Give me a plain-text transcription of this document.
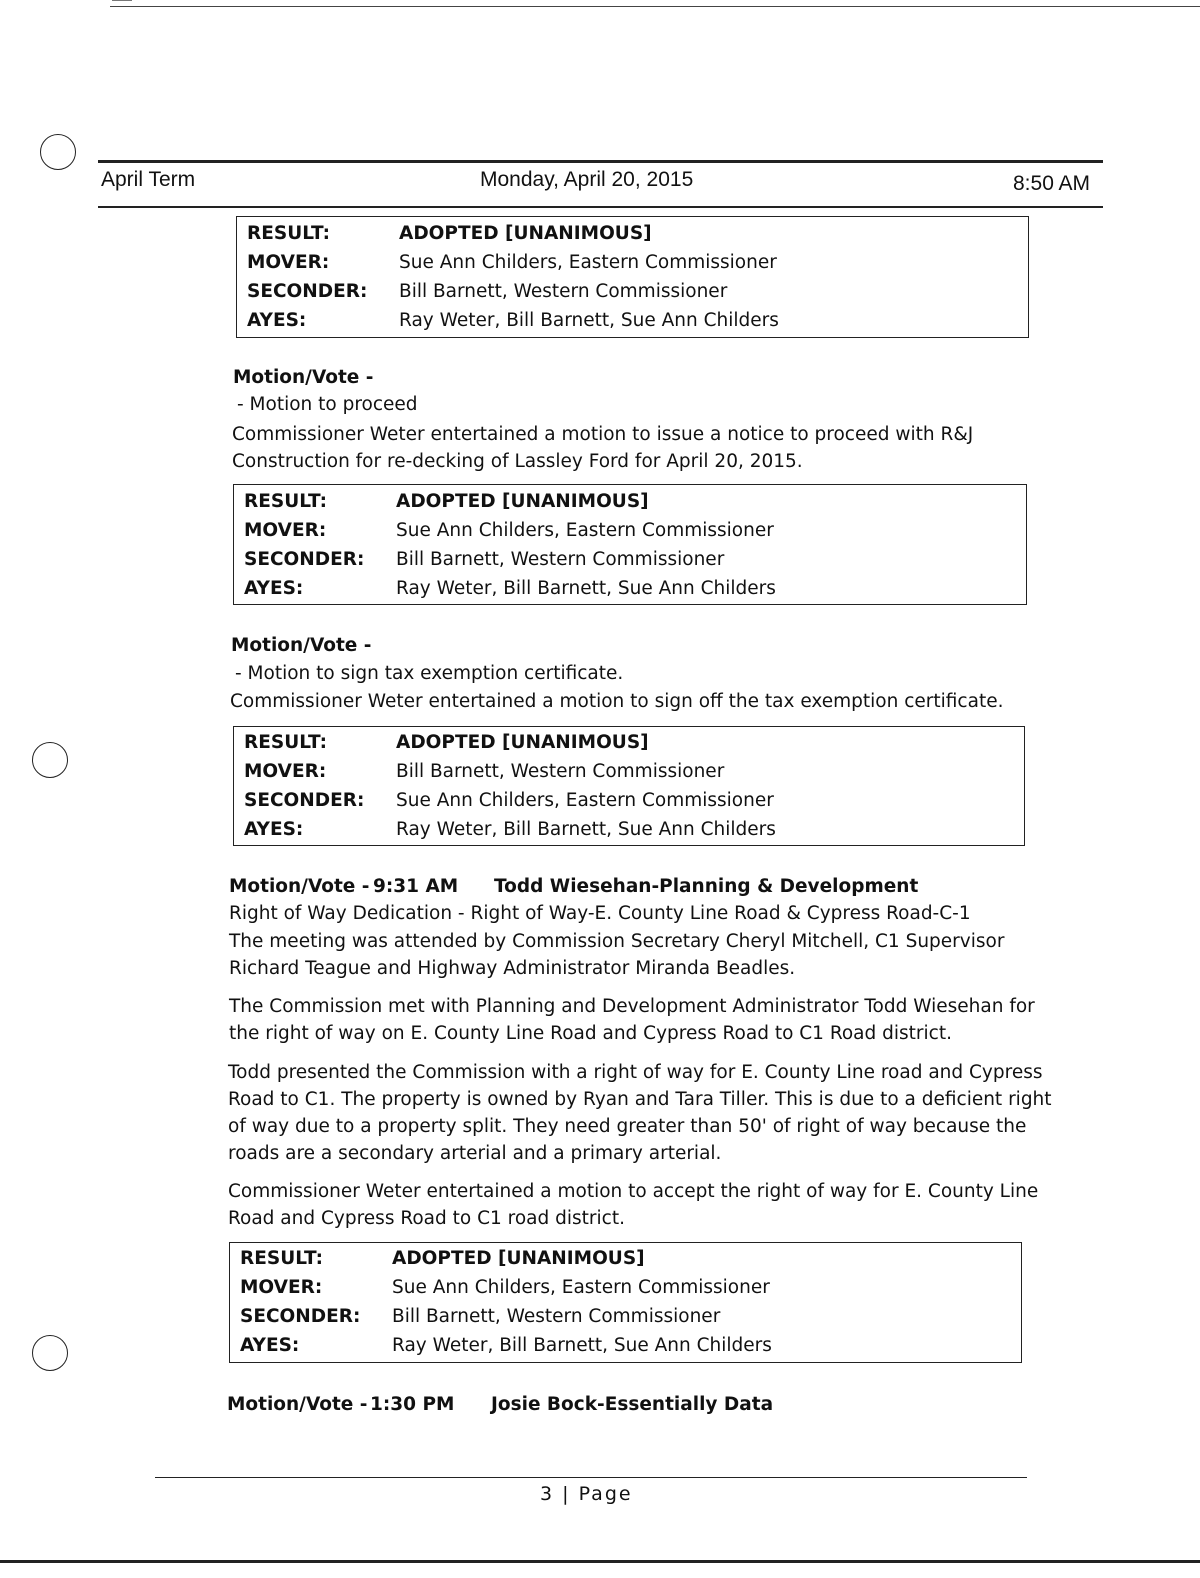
April Term	Monday, April 20, 2015	8:50 AM
RESULT:	ADOPTED [UNANIMOUS]
MOVER:	Sue Ann Childers, Eastern Commissioner
SECONDER: Bill Barnett, Western Commissioner
AYES:	Ray Weter, Bill Barnett, Sue Ann Childers
Motion/Vote -
- Motion to proceed
Commissioner Weter entertained a motion to issue a notice to proceed with R&J
Construction for re-decking of Lassley Ford for April 20, 2015.
RESULT:	ADOPTED [UNANIMOUS]
MOVER:	Sue Ann Childers, Eastern Commissioner
SECONDER: Bill Barnett, Western Commissioner
AYES:	Ray Weter, Bill Barnett, Sue Ann Childers
Motion/Vote -
- Motion to sign tax exemption certificate.
Commissioner Weter entertained a motion to sign off the tax exemption certificate.
RESULT:	ADOPTED [UNANIMOUS]
MOVER:	Bill Barnett, Western Commissioner
SECONDER: Sue Ann Childers, Eastern Commissioner
AYES:	Ray Weter, Bill Barnett, Sue Ann Childers
Motion/Vote - 9:31 AM Todd Wiesehan-Planning & Development
Right of Way Dedication - Right of Way-E. County Line Road & Cypress Road-C-1
The meeting was attended by Commission Secretary Cheryl Mitchell, C1 Supervisor
Richard Teague and Highway Administrator Miranda Beadles.
The Commission met with Planning and Development Administrator Todd Wiesehan for
the right of way on E. County Line Road and Cypress Road to C1 Road district.
Todd presented the Commission with a right of way for E. County Line road and Cypress
Road to C1. The property is owned by Ryan and Tara Tiller. This is due to a deficient right
of way due to a property split. They need greater than 50' of right of way because the
roads are a secondary arterial and a primary arterial.
Commissioner Weter entertained a motion to accept the right of way for E. County Line
Road and Cypress Road to C1 road district.
RESULT:	ADOPTED [UNANIMOUS]
MOVER:	Sue Ann Childers, Eastern Commissioner
SECONDER: Bill Barnett, Western Commissioner
AYES:	Ray Weter, Bill Barnett, Sue Ann Childers
Motion/Vote - 1:30 PM Josie Bock-Essentially Data
3 | Page
